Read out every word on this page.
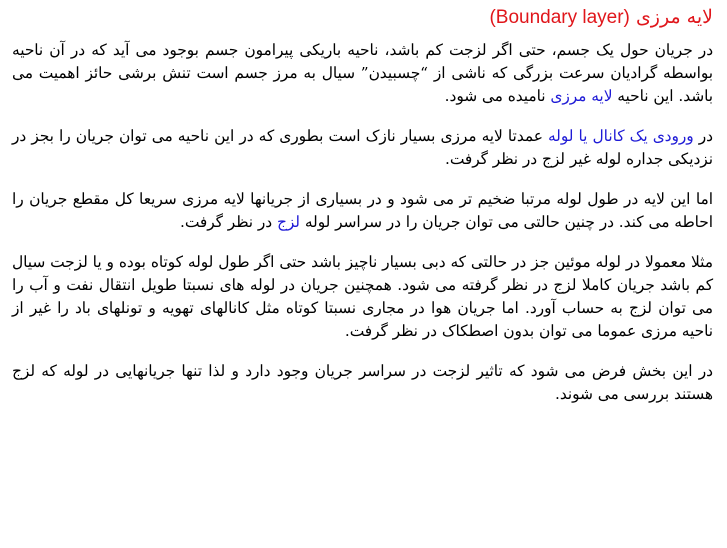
لایه مرزی (Boundary layer)

در جریان حول یک جسم، حتی اگر لزجت کم باشد، ناحیه باریکی پیرامون جسم بوجود می آید که در آن ناحیه بواسطه گرادیان سرعت بزرگی که ناشی از “چسبیدن” سیال به مرز جسم است تنش برشی حائز اهمیت می باشد. این ناحیه لایه مرزی نامیده می شود.

در ورودی یک کانال یا لوله عمدتا لایه مرزی بسیار نازک است بطوری که در این ناحیه می توان جریان را بجز در نزدیکی جداره لوله غیر لزج در نظر گرفت.

اما این لایه در طول لوله مرتبا ضخیم تر می شود و در بسیاری از جریانها لایه مرزی سریعا کل مقطع جریان را احاطه می کند. در چنین حالتی می توان جریان را در سراسر لوله لزج در نظر گرفت.

مثلا معمولا در لوله موئین جز در حالتی که دبی بسیار ناچیز باشد حتی اگر طول لوله کوتاه بوده و یا لزجت سیال کم باشد جریان کاملا لزج در نظر گرفته می شود. همچنین جریان در لوله های نسبتا طویل انتقال نفت و آب را می توان لزج به حساب آورد. اما جریان هوا در مجاری نسبتا کوتاه مثل کانالهای تهویه و تونلهای باد را غیر از ناحیه مرزی عموما می توان بدون اصطکاک در نظر گرفت.

در این بخش فرض می شود که تاثیر لزجت در سراسر جریان وجود دارد و لذا تنها جریانهایی در لوله که لزج هستند بررسی می شوند.
